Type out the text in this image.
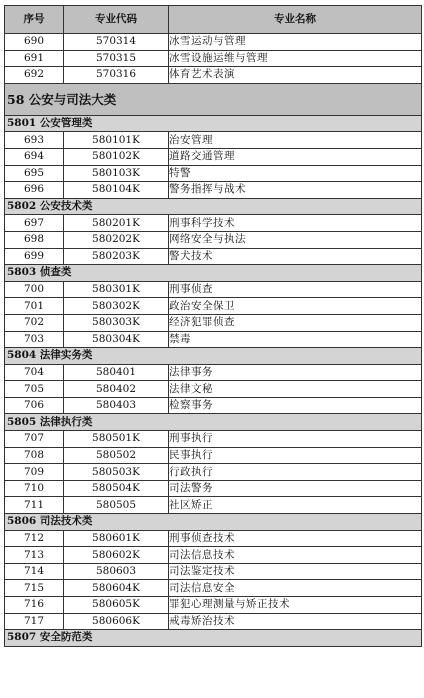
序号	专业代码	专业名称
690	570314	冰雪运动与管理
691	570315	冰雪设施运维与管理
692	570316	体育艺术表演
58 公安与司法大类		
5801 公安管理类		
693	580101K	治安管理
694	580102K	道路交通管理
695	580103K	特警
696	580104K	警务指挥与战术
5802 公安技术类		
697	580201K	刑事科学技术
698	580202K	网络安全与执法
699	580203K	警犬技术
5803 侦查类		
700	580301K	刑事侦查
701	580302K	政治安全保卫
702	580303K	经济犯罪侦查
703	580304K	禁毒
5804 法律实务类		
704	580401	法律事务
705	580402	法律文秘
706	580403	检察事务
5805 法律执行类		
707	580501K	刑事执行
708	580502	民事执行
709	580503K	行政执行
710	580504K	司法警务
711	580505	社区矫正
5806 司法技术类		
712	580601K	刑事侦查技术
713	580602K	司法信息技术
714	580603	司法鉴定技术
715	580604K	司法信息安全
716	580605K	罪犯心理测量与矫正技术
717	580606K	戒毒矫治技术
5807 安全防范类		
